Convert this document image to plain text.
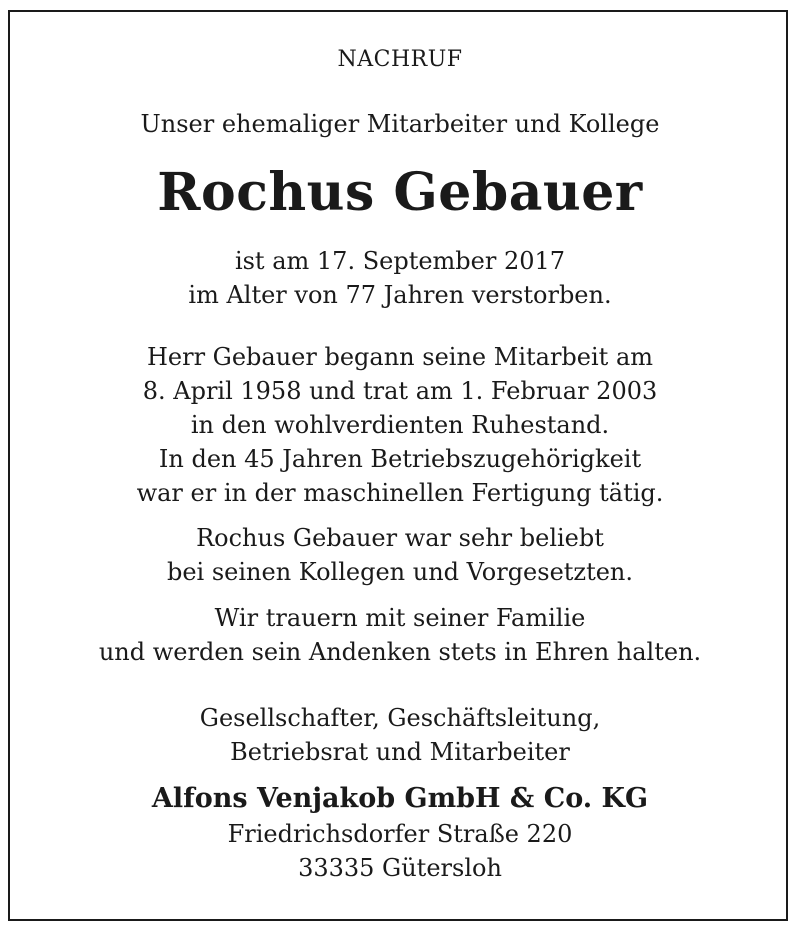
NACHRUF
Unser ehemaliger Mitarbeiter und Kollege
Rochus Gebauer
ist am 17. September 2017
im Alter von 77 Jahren verstorben.
Herr Gebauer begann seine Mitarbeit am
8. April 1958 und trat am 1. Februar 2003
in den wohlverdienten Ruhestand.
In den 45 Jahren Betriebszugehörigkeit
war er in der maschinellen Fertigung tätig.
Rochus Gebauer war sehr beliebt
bei seinen Kollegen und Vorgesetzten.
Wir trauern mit seiner Familie
und werden sein Andenken stets in Ehren halten.
Gesellschafter, Geschäftsleitung,
Betriebsrat und Mitarbeiter
Alfons Venjakob GmbH & Co. KG
Friedrichsdorfer Straße 220
33335 Gütersloh
